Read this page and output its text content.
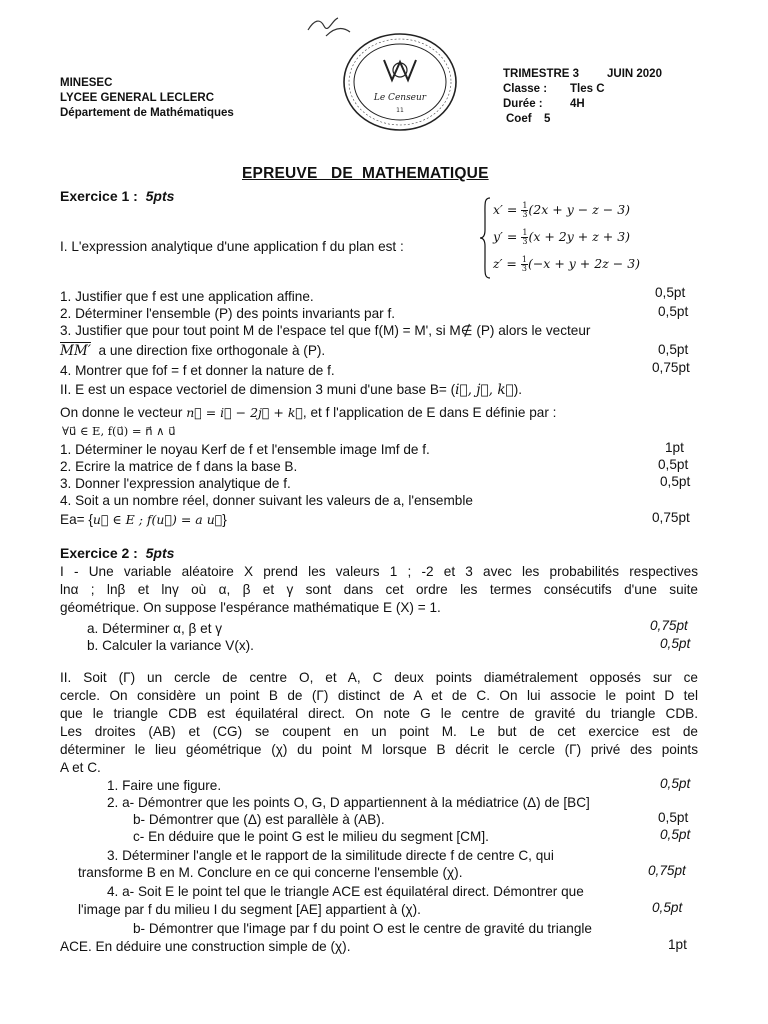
MINESEC
LYCEE GENERAL LECLERC
Département de Mathématiques
Le Censeur
11
TRIMESTRE 3	JUIN 2020
Classe :	Tles C
Durée :	4H
Coef	5
EPREUVE   DE  MATHEMATIQUE
Exercice 1 : 5pts
I. L'expression analytique d'une application f du plan est :
$x' = \frac{1}{3} (2x + y - z - 3)$
$y' = \frac{1}{3} (x + 2y + z + 3)$
$z' = \frac{1}{3} (-x + y + 2z - 3)$
1. Justifier que f est une application affine.	0,5pt
2. Déterminer l'ensemble (P) des points invariants par f.	0,5pt
3. Justifier que pour tout point M de l'espace tel que f(M) = M', si M∉ (P) alors le vecteur
MM′ a une direction fixe orthogonale à (P).	0,5pt
4. Montrer que fof = f et donner la nature de f.	0,75pt
II. E est un espace vectoriel de dimension 3 muni d'une base B= (i⃗, j⃗, k⃗).
On donne le vecteur n⃗ = i⃗ − 2j⃗ + k⃗, et f l'application de E dans E définie par :
∀u⃗ ∈ E, f(u⃗) = n⃗ ∧ u⃗
1. Déterminer le noyau Kerf de f et l'ensemble image Imf de f.	1pt
2. Ecrire la matrice de f dans la base B.	0,5pt
3. Donner l'expression analytique de f.	0,5pt
4. Soit a un nombre réel, donner suivant les valeurs de a, l'ensemble
Ea= {u⃗ ∈ E ; f(u⃗) = a u⃗}	0,75pt
Exercice 2 : 5pts
I - Une variable aléatoire X prend les valeurs 1 ; -2 et 3 avec les probabilités respectives
lnα ; lnβ et lnγ où α, β et γ sont dans cet ordre les termes consécutifs d'une suite
géométrique. On suppose l'espérance mathématique E (X) = 1.
a. Déterminer α, β et γ	0,75pt
b. Calculer la variance V(x).	0,5pt
II. Soit (Γ) un cercle de centre O, et A, C deux points diamétralement opposés sur ce
cercle. On considère un point B de (Γ) distinct de A et de C. On lui associe le point D tel
que le triangle CDB est équilatéral direct. On note G le centre de gravité du triangle CDB.
Les droites (AB) et (CG) se coupent en un point M. Le but de cet exercice est de
déterminer le lieu géométrique (χ) du point M lorsque B décrit le cercle (Γ) privé des points
A et C.
1. Faire une figure.	0,5pt
2. a- Démontrer que les points O, G, D appartiennent à la médiatrice (Δ) de [BC]
b- Démontrer que (Δ) est parallèle à (AB).	0,5pt
c- En déduire que le point G est le milieu du segment [CM].	0,5pt
3. Déterminer l'angle et le rapport de la similitude directe f de centre C, qui
transforme B en M. Conclure en ce qui concerne l'ensemble (χ).	0,75pt
4. a- Soit E le point tel que le triangle ACE est équilatéral direct. Démontrer que
l'image par f du milieu I du segment [AE] appartient à (χ).	0,5pt
b- Démontrer que l'image par f du point O est le centre de gravité du triangle
ACE. En déduire une construction simple de (χ).	1pt
